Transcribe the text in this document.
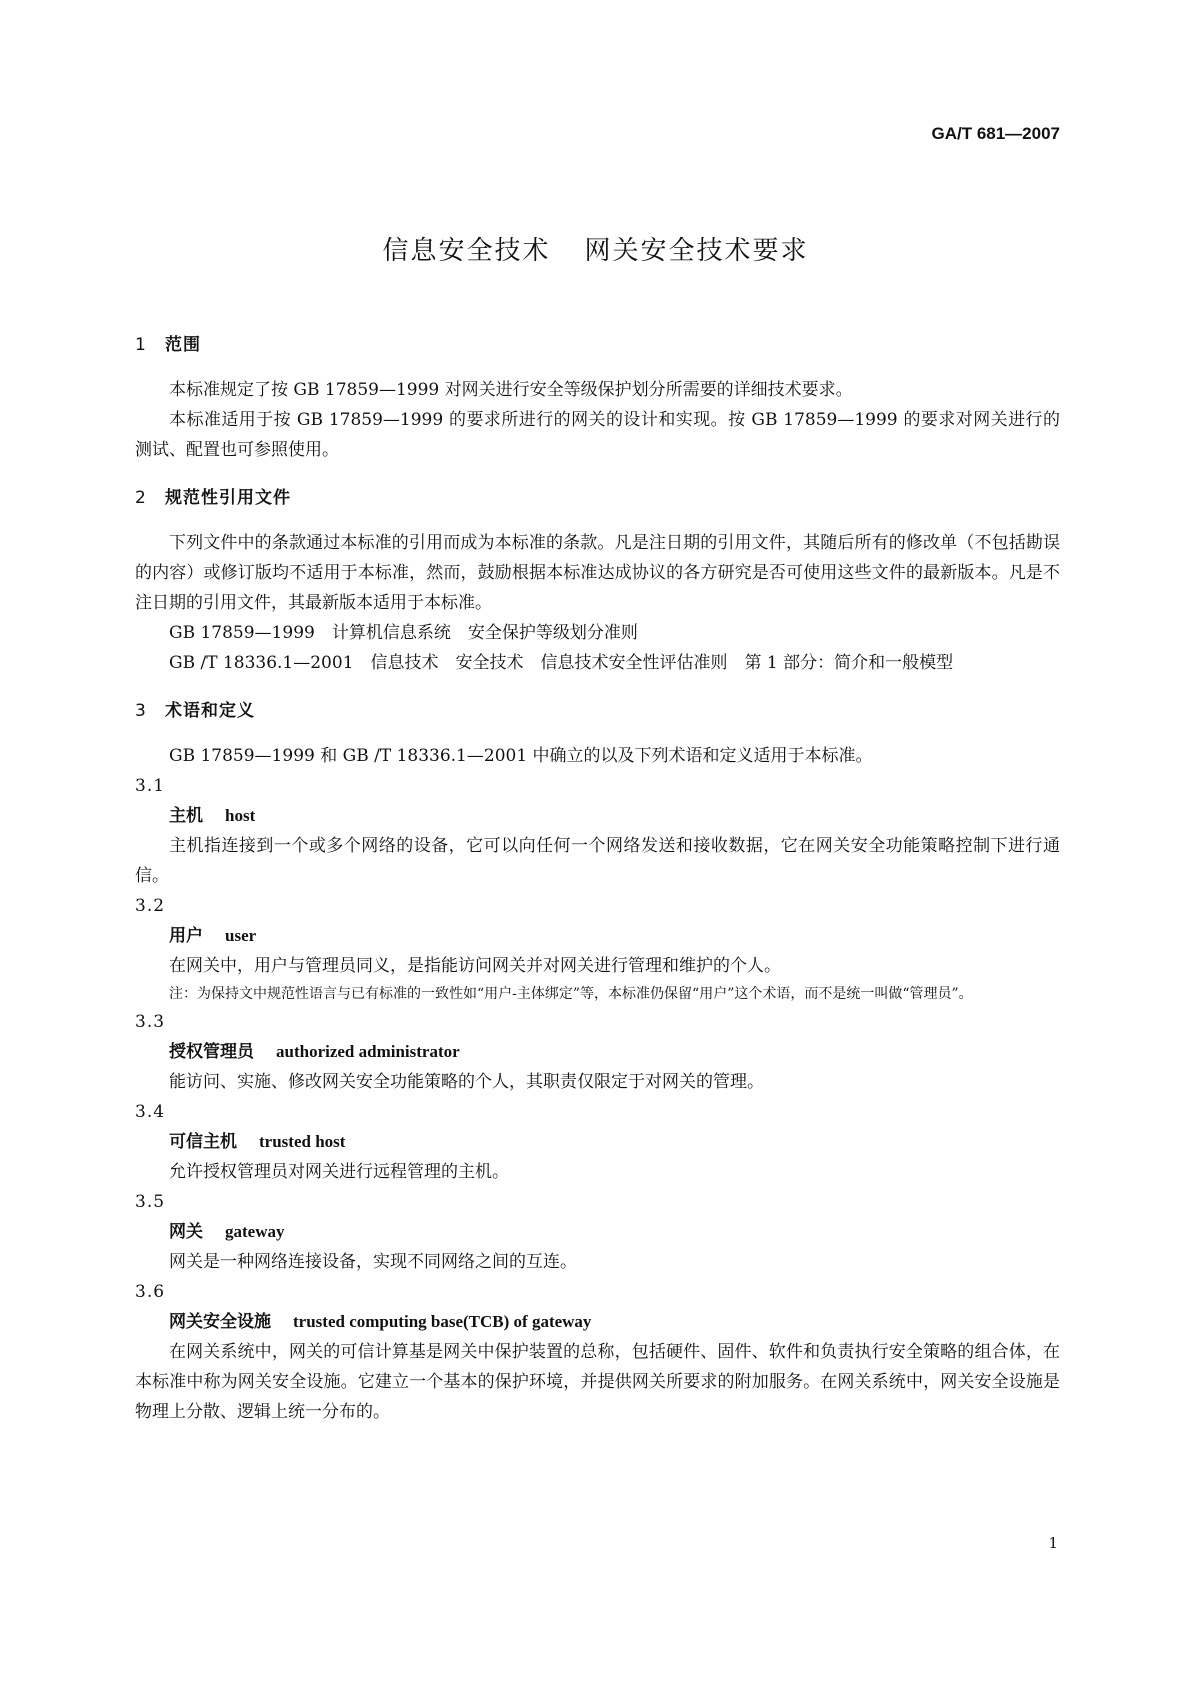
GA/T 681—2007
信息安全技术 网关安全技术要求
1 范围

本标准规定了按 GB 17859—1999 对网关进行安全等级保护划分所需要的详细技术要求。

本标准适用于按 GB 17859—1999 的要求所进行的网关的设计和实现。按 GB 17859—1999 的要求对网关进行的测试、配置也可参照使用。

2 规范性引用文件

下列文件中的条款通过本标准的引用而成为本标准的条款。凡是注日期的引用文件，其随后所有的修改单（不包括勘误的内容）或修订版均不适用于本标准，然而，鼓励根据本标准达成协议的各方研究是否可使用这些文件的最新版本。凡是不注日期的引用文件，其最新版本适用于本标准。

GB 17859—1999　计算机信息系统　安全保护等级划分准则

GB /T 18336.1—2001　信息技术　安全技术　信息技术安全性评估准则　第 1 部分：简介和一般模型

3 术语和定义

GB 17859—1999 和 GB /T 18336.1—2001 中确立的以及下列术语和定义适用于本标准。

3.1
主机 host

主机指连接到一个或多个网络的设备，它可以向任何一个网络发送和接收数据，它在网关安全功能策略控制下进行通信。

3.2
用户 user

在网关中，用户与管理员同义，是指能访问网关并对网关进行管理和维护的个人。

注：为保持文中规范性语言与已有标准的一致性如“用户-主体绑定”等，本标准仍保留“用户”这个术语，而不是统一叫做“管理员”。
3.3
授权管理员 authorized administrator

能访问、实施、修改网关安全功能策略的个人，其职责仅限定于对网关的管理。

3.4
可信主机 trusted host

允许授权管理员对网关进行远程管理的主机。

3.5
网关 gateway

网关是一种网络连接设备，实现不同网络之间的互连。

3.6
网关安全设施 trusted computing base(TCB) of gateway

在网关系统中，网关的可信计算基是网关中保护装置的总称，包括硬件、固件、软件和负责执行安全策略的组合体，在本标准中称为网关安全设施。它建立一个基本的保护环境，并提供网关所要求的附加服务。在网关系统中，网关安全设施是物理上分散、逻辑上统一分布的。

1
